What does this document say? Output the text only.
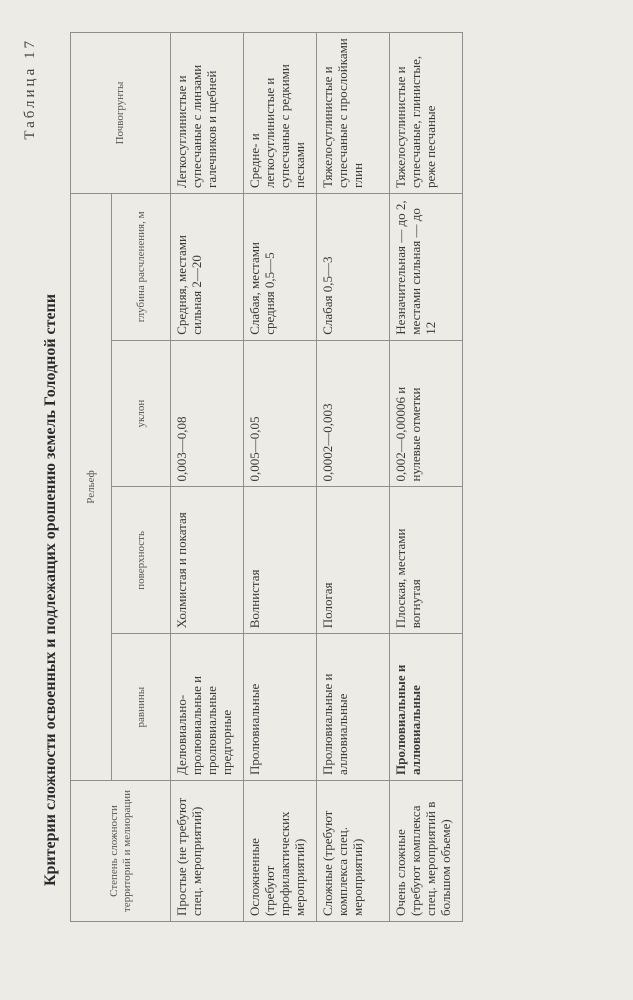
Таблица 17
Критерии сложности освоенных и подлежащих орошению земель Голодной степи	Степень сложности территорий и мелиорации	Рельеф				Почвогрунты
	равнины	поверхность	уклон	глубина расчленения, м	
Простые (не требуют спец. мероприятий)	Делювиально-пролювиальные и пролювиальные предгорные	Холмистая и покатая	0,003—0,08	Средняя, местами сильная 2—20	Легкосуглинистые и супесчаные с линзами галечников и щебней
Осложненные (требуют профилактических мероприятий)	Пролювиальные	Волнистая	0,005—0,05	Слабая, местами средняя 0,5—5	Средне- и легкосуглинистые и супесчаные с редкими песками
Сложные (требуют комплекса спец. мероприятий)	Пролювиальные и аллювиальные	Пологая	0,0002—0,003	Слабая 0,5—3	Тяжелосуглинистые и супесчаные с прослойками глин
Очень сложные (требуют комплекса спец. мероприятий в большом объеме)	Пролювиальные и аллювиальные	Плоская, местами вогнутая	0,002—0,00006 и нулевые отметки	Незначительная — до 2, местами сильная — до 12	Тяжелосуглинистые и супесчаные, глинистые, реже песчаные
